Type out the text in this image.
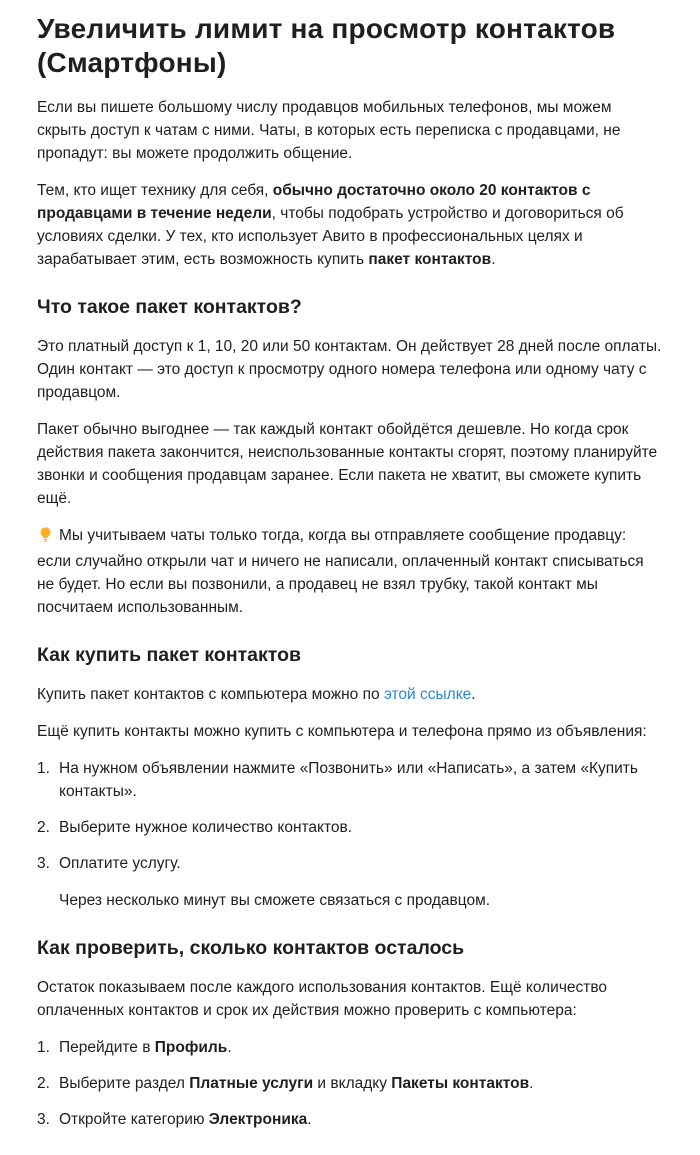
Увеличить лимит на просмотр контактов (Смартфоны)

Если вы пишете большому числу продавцов мобильных телефонов, мы можем скрыть доступ к чатам с ними. Чаты, в которых есть переписка с продавцами, не пропадут: вы можете продолжить общение.

Тем, кто ищет технику для себя, обычно достаточно около 20 контактов с продавцами в течение недели, чтобы подобрать устройство и договориться об условиях сделки. У тех, кто использует Авито в профессиональных целях и зарабатывает этим, есть возможность купить пакет контактов.

Что такое пакет контактов?

Это платный доступ к 1, 10, 20 или 50 контактам. Он действует 28 дней после оплаты. Один контакт — это доступ к просмотру одного номера телефона или одному чату с продавцом.

Пакет обычно выгоднее — так каждый контакт обойдётся дешевле. Но когда срок действия пакета закончится, неиспользованные контакты сгорят, поэтому планируйте звонки и сообщения продавцам заранее. Если пакета не хватит, вы сможете купить ещё.

Мы учитываем чаты только тогда, когда вы отправляете сообщение продавцу: если случайно открыли чат и ничего не написали, оплаченный контакт списываться не будет. Но если вы позвонили, а продавец не взял трубку, такой контакт мы посчитаем использованным.

Как купить пакет контактов

Купить пакет контактов с компьютера можно по этой ссылке.

Ещё купить контакты можно купить с компьютера и телефона прямо из объявления:

1. На нужном объявлении нажмите «Позвонить» или «Написать», а затем «Купить контакты».
2. Выберите нужное количество контактов.
3. Оплатите услугу.

Через несколько минут вы сможете связаться с продавцом.

Как проверить, сколько контактов осталось

Остаток показываем после каждого использования контактов. Ещё количество оплаченных контактов и срок их действия можно проверить с компьютера:

1. Перейдите в Профиль.
2. Выберите раздел Платные услуги и вкладку Пакеты контактов.
3. Откройте категорию Электроника.
